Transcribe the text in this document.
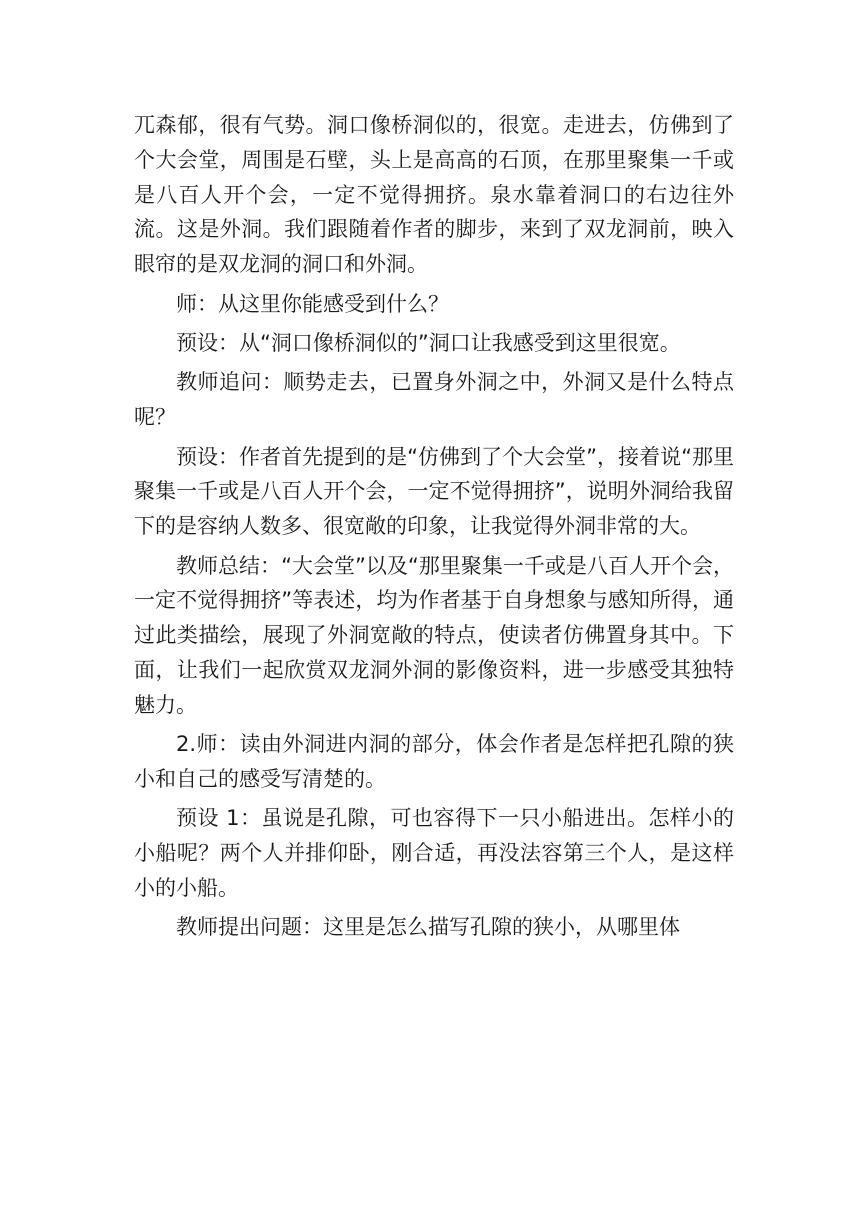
兀森郁，很有气势。洞口像桥洞似的，很宽。走进去，仿佛到了个大会堂，周围是石壁，头上是高高的石顶，在那里聚集一千或是八百人开个会，一定不觉得拥挤。泉水靠着洞口的右边往外流。这是外洞。我们跟随着作者的脚步，来到了双龙洞前，映入眼帘的是双龙洞的洞口和外洞。

师：从这里你能感受到什么？

预设：从“洞口像桥洞似的”洞口让我感受到这里很宽。

教师追问：顺势走去，已置身外洞之中，外洞又是什么特点呢？

预设：作者首先提到的是“仿佛到了个大会堂”，接着说“那里聚集一千或是八百人开个会，一定不觉得拥挤”，说明外洞给我留下的是容纳人数多、很宽敞的印象，让我觉得外洞非常的大。

教师总结：“大会堂”以及“那里聚集一千或是八百人开个会，一定不觉得拥挤”等表述，均为作者基于自身想象与感知所得，通过此类描绘，展现了外洞宽敞的特点，使读者仿佛置身其中。下面，让我们一起欣赏双龙洞外洞的影像资料，进一步感受其独特魅力。

2.师：读由外洞进内洞的部分，体会作者是怎样把孔隙的狭小和自己的感受写清楚的。

预设 1：虽说是孔隙，可也容得下一只小船进出。怎样小的小船呢？两个人并排仰卧，刚合适，再没法容第三个人，是这样小的小船。

教师提出问题：这里是怎么描写孔隙的狭小，从哪里体
